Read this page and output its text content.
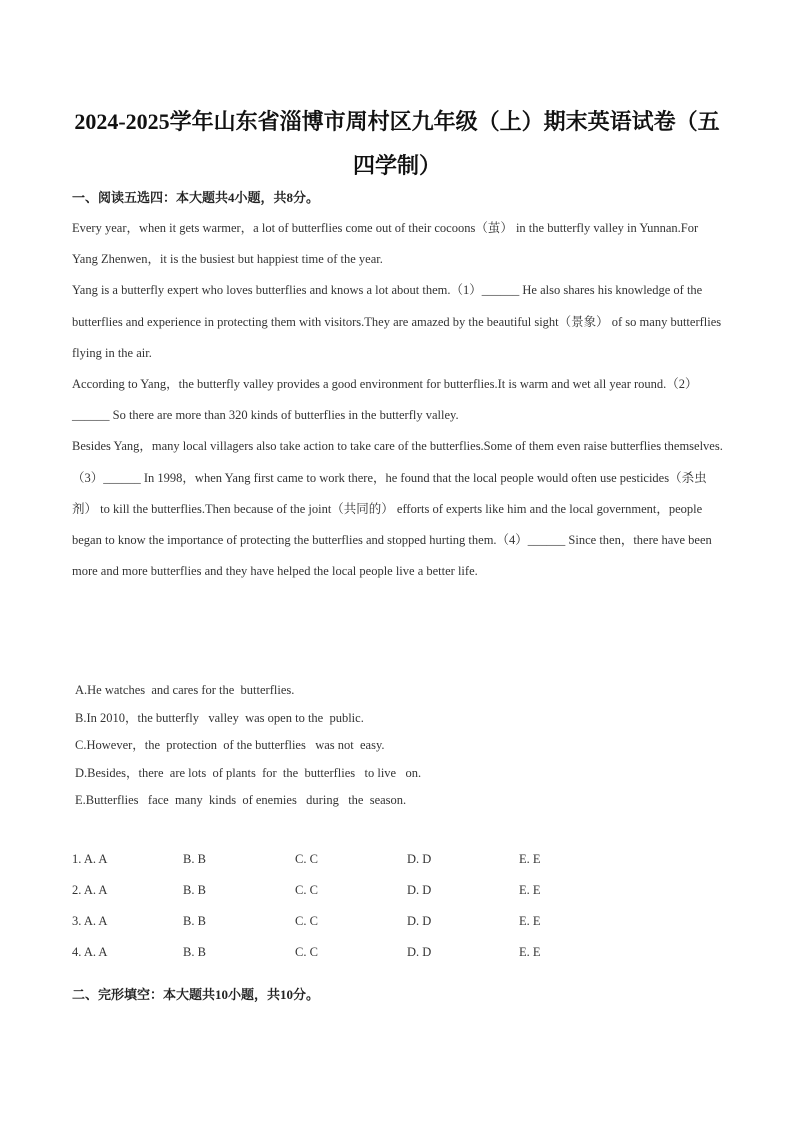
2024-2025学年山东省淄博市周村区九年级（上）期末英语试卷（五
四学制）
一、阅读五选四：本大题共4小题，共8分。

Every year，when it gets warmer，a lot of butterflies come out of their cocoons（茧） in the butterfly valley in Yunnan.For Yang Zhenwen，it is the busiest but happiest time of the year.

Yang is a butterfly expert who loves butterflies and knows a lot about them.（1）______ He also shares his knowledge of the butterflies and experience in protecting them with visitors.They are amazed by the beautiful sight（景象） of so many butterflies flying in the air.

According to Yang，the butterfly valley provides a good environment for butterflies.It is warm and wet all year round.（2）______ So there are more than 320 kinds of butterflies in the butterfly valley.

Besides Yang，many local villagers also take action to take care of the butterflies.Some of them even raise butterflies themselves.（3）______ In 1998，when Yang first came to work there，he found that the local people would often use pesticides（杀虫剂） to kill the butterflies.Then because of the joint（共同的） efforts of experts like him and the local government，people began to know the importance of protecting the butterflies and stopped hurting them.（4）______ Since then，there have been more and more butterflies and they have helped the local people live a better life.

A.He watches  and cares for the  butterflies.
B.In 2010，the butterfly   valley  was open to the  public.
C.However，the  protection  of the butterflies   was not  easy.
D.Besides，there  are lots  of plants  for  the  butterflies   to live   on.
E.Butterflies   face  many  kinds  of enemies   during   the  season.
1. A. A	B. B	C. C	D. D	E. E
2. A. A	B. B	C. C	D. D	E. E
3. A. A	B. B	C. C	D. D	E. E
4. A. A	B. B	C. C	D. D	E. E
二、完形填空：本大题共10小题，共10分。
